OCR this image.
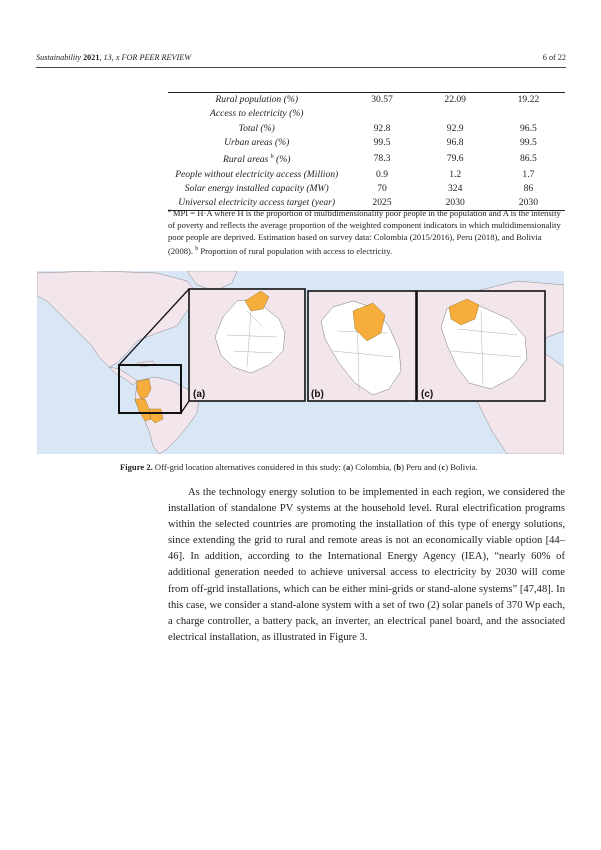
Sustainability 2021, 13, x FOR PEER REVIEW	6 of 22
Rural population (%)	30.57	22.09	19.22
Access to electricity (%)			
Total (%)	92.8	92.9	96.5
Urban areas (%)	99.5	96.8	99.5
Rural areas $^b$ (%)	78.3	79.6	86.5
People without electricity access (Million)	0.9	1.2	1.7
Solar energy installed capacity (MW)	70	324	86
Universal electricity access target (year)	2025	2030	2030
$^a$ MPI = H·A where H is the proportion of multidimensionality poor people in the population and A is the intensity of poverty and reflects the average proportion of the weighted component indicators in which multidimensionality poor people are deprived. Estimation based on survey data: Colombia (2015/2016), Peru (2018), and Bolivia (2008). $^b$ Proportion of rural population with access to electricity.
(a)	(b)	(c)
Figure 2. Off-grid location alternatives considered in this study: (a) Colombia, (b) Peru and (c) Bolivia.

As the technology energy solution to be implemented in each region, we considered the installation of standalone PV systems at the household level. Rural electrification programs within the selected countries are promoting the installation of this type of energy solutions, since extending the grid to rural and remote areas is not an economically viable option [44–46]. In addition, according to the International Energy Agency (IEA), “nearly 60% of additional generation needed to achieve universal access to electricity by 2030 will come from off-grid installations, which can be either mini-grids or stand-alone systems” [47,48]. In this case, we consider a stand-alone system with a set of two (2) solar panels of 370 Wp each, a charge controller, a battery pack, an inverter, an electrical panel board, and the associated electrical installation, as illustrated in Figure 3.
